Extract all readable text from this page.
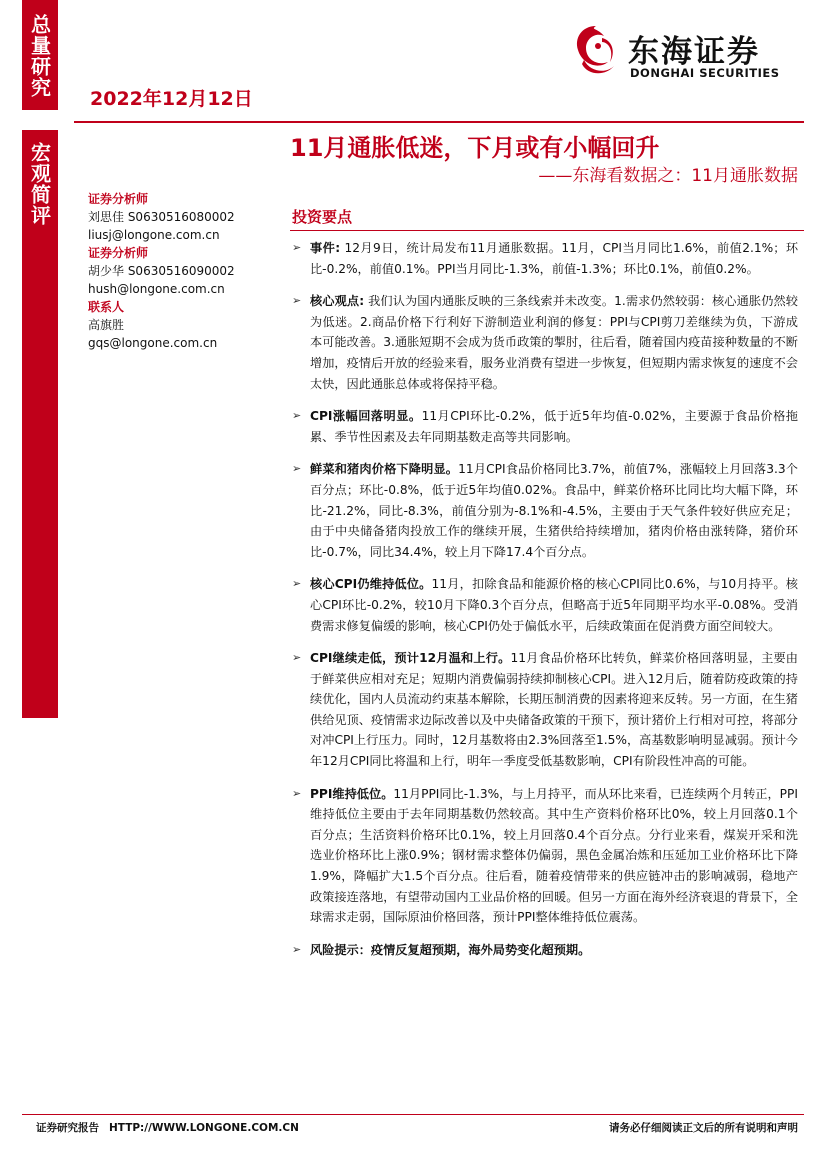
总量研究
2022年12月12日
东海证券
DONGHAI SECURITIES
11月通胀低迷，下月或有小幅回升
——东海看数据之：11月通胀数据
宏观简评	证券分析师
刘思佳 S0630516080002
liusj@longone.com.cn
证券分析师
胡少华 S0630516090002
hush@longone.com.cn
联系人
高旗胜
gqs@longone.com.cn
投资要点
➢ 事件: 12月9日，统计局发布11月通胀数据。11月，CPI当月同比1.6%，前值2.1%；环比-0.2%，前值0.1%。PPI当月同比-1.3%，前值-1.3%；环比0.1%，前值0.2%。
➢ 核心观点: 我们认为国内通胀反映的三条线索并未改变。1.需求仍然较弱：核心通胀仍然较为低迷。2.商品价格下行利好下游制造业利润的修复：PPI与CPI剪刀差继续为负，下游成本可能改善。3.通胀短期不会成为货币政策的掣肘，往后看，随着国内疫苗接种数量的不断增加，疫情后开放的经验来看，服务业消费有望进一步恢复，但短期内需求恢复的速度不会太快，因此通胀总体或将保持平稳。
➢ CPI涨幅回落明显。11月CPI环比-0.2%，低于近5年均值-0.02%，主要源于食品价格拖累、季节性因素及去年同期基数走高等共同影响。
➢ 鲜菜和猪肉价格下降明显。11月CPI食品价格同比3.7%，前值7%，涨幅较上月回落3.3个百分点；环比-0.8%，低于近5年均值0.02%。食品中，鲜菜价格环比同比均大幅下降，环比-21.2%，同比-8.3%，前值分别为-8.1%和-4.5%，主要由于天气条件较好供应充足；由于中央储备猪肉投放工作的继续开展，生猪供给持续增加，猪肉价格由涨转降，猪价环比-0.7%，同比34.4%，较上月下降17.4个百分点。
➢ 核心CPI仍维持低位。11月，扣除食品和能源价格的核心CPI同比0.6%，与10月持平。核心CPI环比-0.2%，较10月下降0.3个百分点，但略高于近5年同期平均水平-0.08%。受消费需求修复偏缓的影响，核心CPI仍处于偏低水平，后续政策面在促消费方面空间较大。
➢ CPI继续走低，预计12月温和上行。11月食品价格环比转负，鲜菜价格回落明显，主要由于鲜菜供应相对充足；短期内消费偏弱持续抑制核心CPI。进入12月后，随着防疫政策的持续优化，国内人员流动约束基本解除，长期压制消费的因素将迎来反转。另一方面，在生猪供给见顶、疫情需求边际改善以及中央储备政策的干预下，预计猪价上行相对可控，将部分对冲CPI上行压力。同时，12月基数将由2.3%回落至1.5%，高基数影响明显减弱。预计今年12月CPI同比将温和上行，明年一季度受低基数影响，CPI有阶段性冲高的可能。
➢ PPI维持低位。11月PPI同比-1.3%，与上月持平，而从环比来看，已连续两个月转正，PPI维持低位主要由于去年同期基数仍然较高。其中生产资料价格环比0%，较上月回落0.1个百分点；生活资料价格环比0.1%，较上月回落0.4个百分点。分行业来看，煤炭开采和洗选业价格环比上涨0.9%；钢材需求整体仍偏弱，黑色金属冶炼和压延加工业价格环比下降1.9%，降幅扩大1.5个百分点。往后看，随着疫情带来的供应链冲击的影响减弱，稳地产政策接连落地，有望带动国内工业品价格的回暖。但另一方面在海外经济衰退的背景下，全球需求走弱，国际原油价格回落，预计PPI整体维持低位震荡。
➢ 风险提示：疫情反复超预期，海外局势变化超预期。
证券研究报告 HTTP://WWW.LONGONE.COM.CN	请务必仔细阅读正文后的所有说明和声明
